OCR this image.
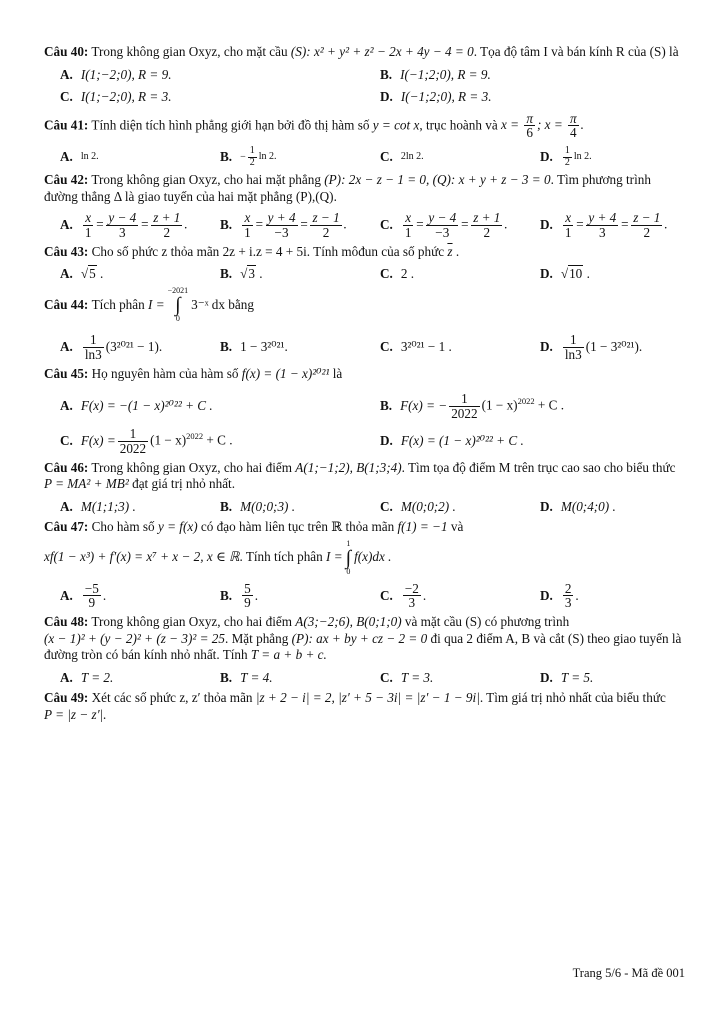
Câu 40: Trong không gian Oxyz, cho mặt cầu (S): x² + y² + z² − 2x + 4y − 4 = 0. Tọa độ tâm I và bán kính R của (S) là
A. I(1;−2;0), R = 9.	B. I(−1;2;0), R = 9.
C. I(1;−2;0), R = 3.	D. I(−1;2;0), R = 3.
Câu 41: Tính diện tích hình phẳng giới hạn bởi đồ thị hàm số y = cot x, trục hoành và $x = \frac{\pi}{6}$ ; $x = \frac{\pi}{4}$ .
A. ln 2.	B. − $\frac{1}{2}$ ln 2.	C. 2ln 2.	D. $\frac{1}{2}$ ln 2.
Câu 42: Trong không gian Oxyz, cho hai mặt phẳng (P): 2x − z − 1 = 0, (Q): x + y + z − 3 = 0. Tìm phương trình đường thẳng Δ là giao tuyến của hai mặt phẳng (P),(Q).
A. $\frac{x}{1} = \frac{y - 4}{3} = \frac{z + 1}{2}$ . B. $\frac{x}{1} = \frac{y + 4}{-3} = \frac{z - 1}{2}$ .	C. $\frac{x}{1} = \frac{y - 4}{-3} = \frac{z + 1}{2}$ . D. $\frac{x}{1} = \frac{y + 4}{3} = \frac{z - 1}{2}$ .
Câu 43: Cho số phức z thỏa mãn 2z + i.z = 4 + 5i. Tính môđun của số phức $\overline{z}$ .
A. √5 .	B. √3 .	C. 2 .	D. √10 .
Câu 44:
Tích phân
I =
−2021
∫
0
3⁻ˣ dx
bằng
A. $\frac{1}{\ln 3} (3^{2021} - 1)$.	B. 1 − 3²⁰²¹.	C. 3²⁰²¹ − 1 .	D. $\frac{1}{\ln 3} (1 - 3^{2021})$.
Câu 45: Họ nguyên hàm của hàm số f(x) = (1 − x)²⁰²¹ là
A. F(x) = −(1 − x)²⁰²² + C .	B. F(x) = − $\frac{1}{2022} (1 - x)^{2022} + C$ .
C. $F(x) = \frac{1}{2022} (1 - x)^{2022} + C$ .	D. F(x) = (1 − x)²⁰²² + C .
Câu 46: Trong không gian Oxyz, cho hai điểm A(1;−1;2), B(1;3;4). Tìm tọa độ điểm M trên trục cao sao cho biểu thức P = MA² + MB² đạt giá trị nhỏ nhất.
A. M(1;1;3) .	B. M(0;0;3) .	C. M(0;0;2) .	D. M(0;4;0) .
Câu 47: Cho hàm số y = f(x) có đạo hàm liên tục trên ℝ thỏa mãn f(1) = −1 và
xf(1 − x³) + f′(x) = x⁷ + x − 2, x ∈ ℝ . Tính tích phân
I =
1
∫
0
f(x)dx .
A. $\frac{-5}{9}$ .	B. $\frac{5}{9}$ .	C. $\frac{-2}{3}$ .	D. $\frac{2}{3}$ .
Câu 48: Trong không gian Oxyz, cho hai điểm A(3;−2;6), B(0;1;0) và mặt cầu (S) có phương trình (x − 1)² + (y − 2)² + (z − 3)² = 25. Mặt phẳng (P): ax + by + cz − 2 = 0 đi qua 2 điểm A, B và cắt (S) theo giao tuyến là đường tròn có bán kính nhỏ nhất. Tính T = a + b + c.
A. T = 2.	B. T = 4.	C. T = 3.	D. T = 5.
Câu 49: Xét các số phức z, z′ thỏa mãn |z + 2 − i| = 2, |z′ + 5 − 3i| = |z′ − 1 − 9i|. Tìm giá trị nhỏ nhất của biểu thức P = |z − z′|.
Trang 5/6 - Mã đề 001
